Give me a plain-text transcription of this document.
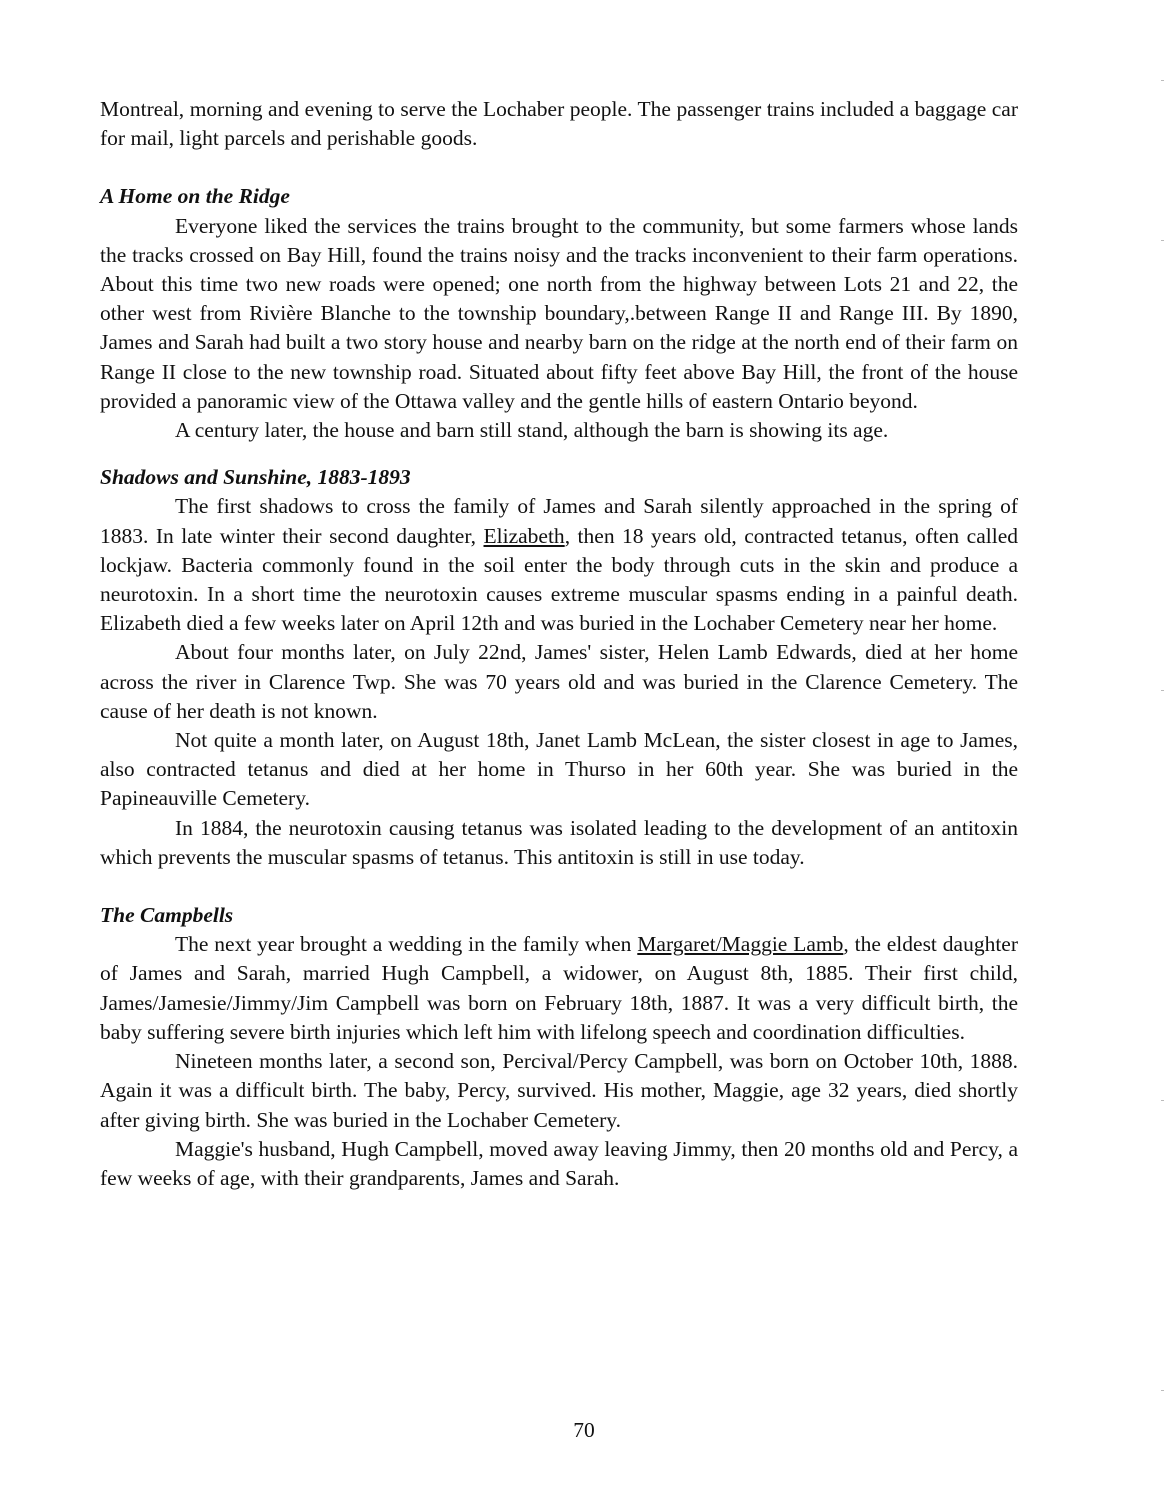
Montreal, morning and evening to serve the Lochaber people. The passenger trains included a baggage car for mail, light parcels and perishable goods.

A Home on the Ridge

Everyone liked the services the trains brought to the community, but some farmers whose lands the tracks crossed on Bay Hill, found the trains noisy and the tracks inconvenient to their farm operations. About this time two new roads were opened; one north from the highway between Lots 21 and 22, the other west from Rivière Blanche to the township boundary,.between Range II and Range III. By 1890, James and Sarah had built a two story house and nearby barn on the ridge at the north end of their farm on Range II close to the new township road. Situated about fifty feet above Bay Hill, the front of the house provided a panoramic view of the Ottawa valley and the gentle hills of eastern Ontario beyond.

A century later, the house and barn still stand, although the barn is showing its age.

Shadows and Sunshine, 1883-1893

The first shadows to cross the family of James and Sarah silently approached in the spring of 1883. In late winter their second daughter, Elizabeth, then 18 years old, contracted tetanus, often called lockjaw. Bacteria commonly found in the soil enter the body through cuts in the skin and produce a neurotoxin. In a short time the neurotoxin causes extreme muscular spasms ending in a painful death. Elizabeth died a few weeks later on April 12th and was buried in the Lochaber Cemetery near her home.

About four months later, on July 22nd, James' sister, Helen Lamb Edwards, died at her home across the river in Clarence Twp. She was 70 years old and was buried in the Clarence Cemetery. The cause of her death is not known.

Not quite a month later, on August 18th, Janet Lamb McLean, the sister closest in age to James, also contracted tetanus and died at her home in Thurso in her 60th year. She was buried in the Papineauville Cemetery.

In 1884, the neurotoxin causing tetanus was isolated leading to the development of an antitoxin which prevents the muscular spasms of tetanus. This antitoxin is still in use today.

The Campbells

The next year brought a wedding in the family when Margaret/Maggie Lamb, the eldest daughter of James and Sarah, married Hugh Campbell, a widower, on August 8th, 1885. Their first child, James/Jamesie/Jimmy/Jim Campbell was born on February 18th, 1887. It was a very difficult birth, the baby suffering severe birth injuries which left him with lifelong speech and coordination difficulties.

Nineteen months later, a second son, Percival/Percy Campbell, was born on October 10th, 1888. Again it was a difficult birth. The baby, Percy, survived. His mother, Maggie, age 32 years, died shortly after giving birth. She was buried in the Lochaber Cemetery.

Maggie's husband, Hugh Campbell, moved away leaving Jimmy, then 20 months old and Percy, a few weeks of age, with their grandparents, James and Sarah.

70
